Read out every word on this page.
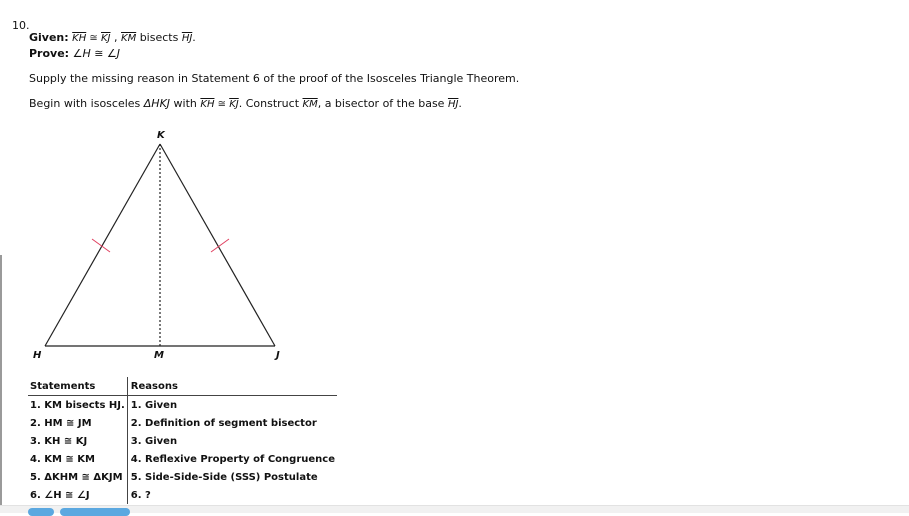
10.
Given: $\overline{KH}$ ≅ $\overline{KJ}$ , $\overline{KM}$ bisects $\overline{HJ}$.
Prove: ∠H ≅ ∠J
Supply the missing reason in Statement 6 of the proof of the Isosceles Triangle Theorem.
Begin with isosceles ΔHKJ with $\overline{KH}$ ≅ $\overline{KJ}$. Construct $\overline{KM}$, a bisector of the base $\overline{HJ}$.
K
H	M	J
Statements	Reasons
1. KM bisects HJ.	1. Given
2. HM ≅ JM	2. Definition of segment bisector
3. KH ≅ KJ	3. Given
4. KM ≅ KM	4. Reflexive Property of Congruence
5. ΔKHM ≅ ΔKJM	5. Side-Side-Side (SSS) Postulate
6. ∠H ≅ ∠J	6. ?
